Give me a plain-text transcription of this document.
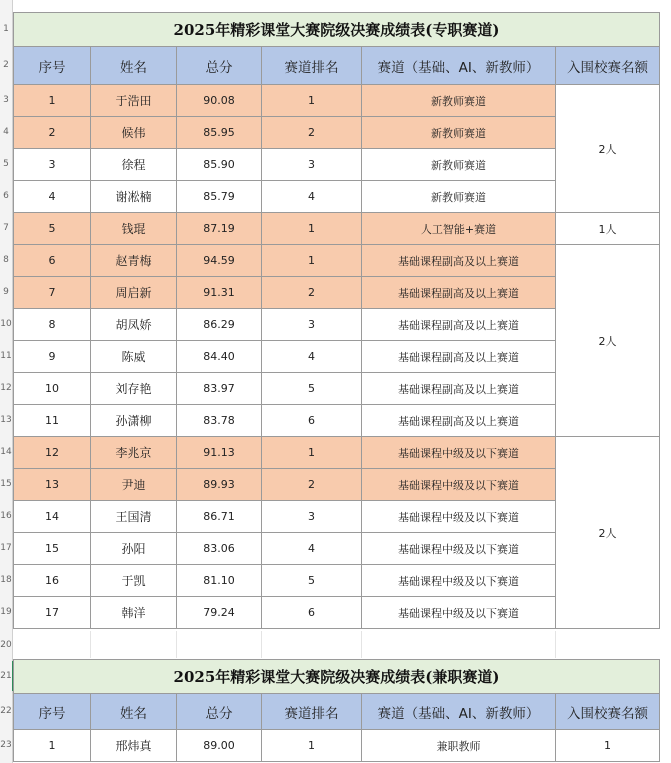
1
2
3
4
5
6
7
8
9
10
11
12
13
14
15
16
17
18
19
20
21
22
23
2025年精彩课堂大赛院级决赛成绩表(专职赛道)					
序号	姓名	总分	赛道排名	赛道（基础、AI、新教师）	入围校赛名额
1	于浩田	90.08	1	新教师赛道	2人
2	候伟	85.95	2	新教师赛道	
3	徐程	85.90	3	新教师赛道	
4	谢凇楠	85.79	4	新教师赛道	
5	钱琨	87.19	1	人工智能+赛道	1人
6	赵青梅	94.59	1	基础课程副高及以上赛道	2人
7	周启新	91.31	2	基础课程副高及以上赛道	
8	胡凤娇	86.29	3	基础课程副高及以上赛道	
9	陈威	84.40	4	基础课程副高及以上赛道	
10	刘存艳	83.97	5	基础课程副高及以上赛道	
11	孙潇柳	83.78	6	基础课程副高及以上赛道	
12	李兆京	91.13	1	基础课程中级及以下赛道	2人
13	尹迪	89.93	2	基础课程中级及以下赛道	
14	王国清	86.71	3	基础课程中级及以下赛道	
15	孙阳	83.06	4	基础课程中级及以下赛道	
16	于凯	81.10	5	基础课程中级及以下赛道	
17	韩洋	79.24	6	基础课程中级及以下赛道	
2025年精彩课堂大赛院级决赛成绩表(兼职赛道)					
序号	姓名	总分	赛道排名	赛道（基础、AI、新教师）	入围校赛名额
1	邢炜真	89.00	1	兼职教师	1
